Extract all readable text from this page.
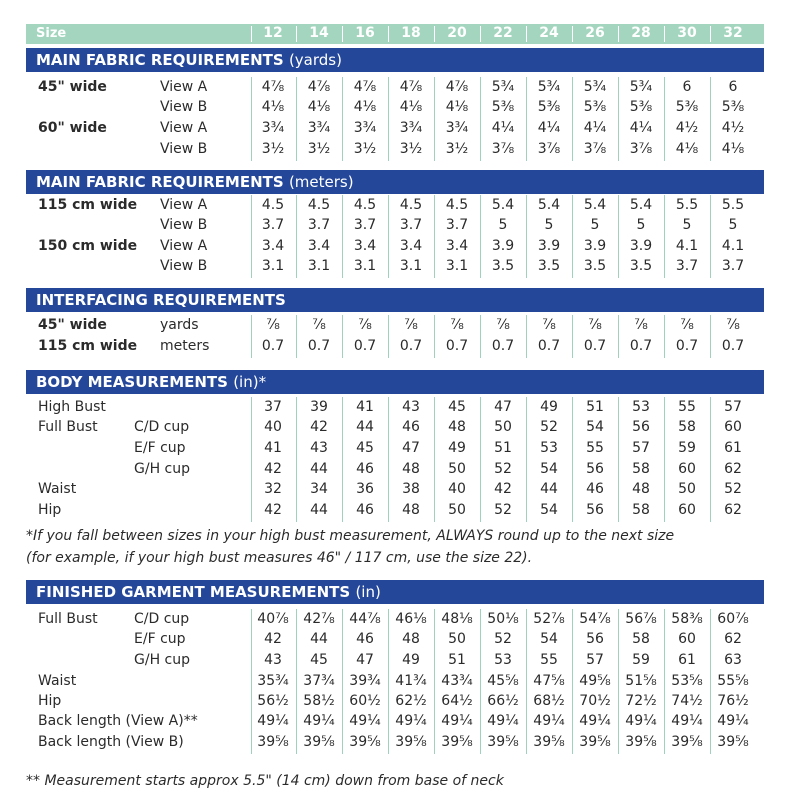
Size	12	14	16	18	20	22	24	26	28	30	32
MAIN FABRIC REQUIREMENTS (yards)
45" wide	View A	4⅞	4⅞	4⅞	4⅞	4⅞	5¾	5¾	5¾	5¾	6	6
View B	4⅛	4⅛	4⅛	4⅛	4⅛	5⅜	5⅜	5⅜	5⅜	5⅜	5⅜
60" wide	View A	3¾	3¾	3¾	3¾	3¾	4¼	4¼	4¼	4¼	4½	4½
View B	3½	3½	3½	3½	3½	3⅞	3⅞	3⅞	3⅞	4⅛	4⅛
MAIN FABRIC REQUIREMENTS (meters)
115 cm wide View A	4.5	4.5	4.5	4.5	4.5	5.4	5.4	5.4	5.4	5.5	5.5
View B	3.7	3.7	3.7	3.7	3.7	5	5	5	5	5	5
150 cm wide View A	3.4	3.4	3.4	3.4	3.4	3.9	3.9	3.9	3.9	4.1	4.1
View B	3.1	3.1	3.1	3.1	3.1	3.5	3.5	3.5	3.5	3.7	3.7
INTERFACING REQUIREMENTS
45" wide	yards	⅞	⅞	⅞	⅞	⅞	⅞	⅞	⅞	⅞	⅞	⅞
115 cm wide meters	0.7	0.7	0.7	0.7	0.7	0.7	0.7	0.7	0.7	0.7	0.7
BODY MEASUREMENTS (in)*
High Bust	37	39	41	43	45	47	49	51	53	55	57
Full Bust	C/D cup	40	42	44	46	48	50	52	54	56	58	60
E/F cup	41	43	45	47	49	51	53	55	57	59	61
G/H cup	42	44	46	48	50	52	54	56	58	60	62
Waist	32	34	36	38	40	42	44	46	48	50	52
Hip	42	44	46	48	50	52	54	56	58	60	62
*If you fall between sizes in your high bust measurement, ALWAYS round up to the next size
(for example, if your high bust measures 46" / 117 cm, use the size 22).
FINISHED GARMENT MEASUREMENTS (in)
Full Bust	C/D cup	40⅞	42⅞	44⅞	46⅛	48⅛	50⅛	52⅞	54⅞	56⅞	58⅜	60⅞
E/F cup	42	44	46	48	50	52	54	56	58	60	62
G/H cup	43	45	47	49	51	53	55	57	59	61	63
Waist	35¾	37¾	39¾	41¾	43¾	45⅝	47⅝	49⅝	51⅝	53⅝	55⅝
Hip	56½	58½	60½	62½	64½	66½	68½	70½	72½	74½	76½
Back length (View A)**	49¼	49¼	49¼	49¼	49¼	49¼	49¼	49¼	49¼	49¼	49¼
Back length (View B)	39⅝	39⅝	39⅝	39⅝	39⅝	39⅝	39⅝	39⅝	39⅝	39⅝	39⅝
** Measurement starts approx 5.5" (14 cm) down from base of neck
